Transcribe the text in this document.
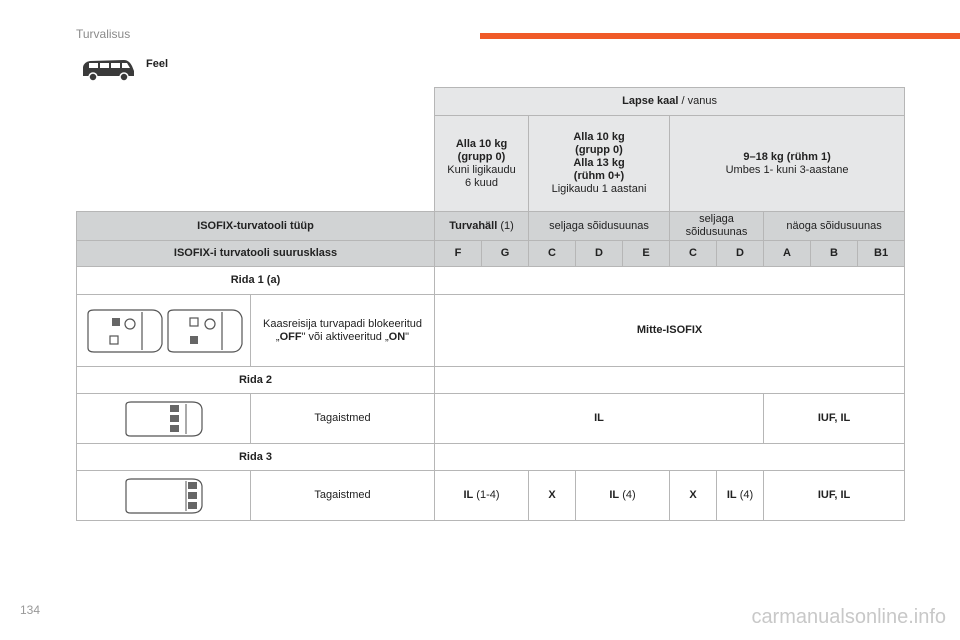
Turvalisus
Feel
		Lapse kaal / vanus									
		Alla 10 kg
(grupp 0)
Kuni ligikaudu
6 kuud		Alla 10 kg
(grupp 0)
Alla 13 kg
(rühm 0+)
Ligikaudu 1 aastani			9–18 kg (rühm 1)
Umbes 1- kuni 3-aastane				
ISOFIX-turvatooli tüüp		Turvahäll (1)		seljaga sõidusuunas			seljaga sõidusuunas		näoga sõidusuunas		
ISOFIX-i turvatooli suurusklass		F	G	C	D	E	C	D	A	B	B1
Rida 1 (a)											

	Kaasreisija turvapadi blokeeritud „OFF" või aktiveeritud „ON"	Mitte-ISOFIX									
Rida 2											

	Tagaistmed	IL							IUF, IL		
Rida 3											

	Tagaistmed	IL (1-4)		X	IL (4)		X	IL (4)	IUF, IL		
134	carmanualsonline.info
